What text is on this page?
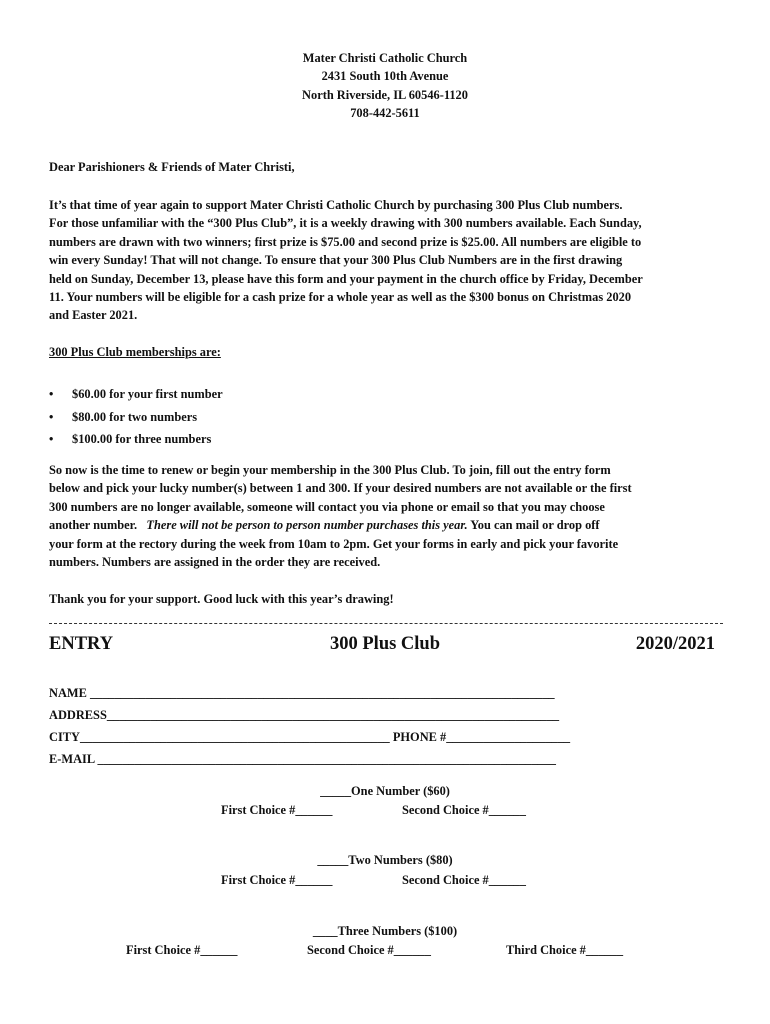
Mater Christi Catholic Church
2431 South 10th Avenue
North Riverside, IL 60546-1120
708-442-5611
Dear Parishioners & Friends of Mater Christi,
It’s that time of year again to support Mater Christi Catholic Church by purchasing 300 Plus Club numbers.
For those unfamiliar with the “300 Plus Club”, it is a weekly drawing with 300 numbers available. Each Sunday,
numbers are drawn with two winners; first prize is $75.00 and second prize is $25.00. All numbers are eligible to
win every Sunday! That will not change. To ensure that your 300 Plus Club Numbers are in the first drawing
held on Sunday, December 13, please have this form and your payment in the church office by Friday, December
11. Your numbers will be eligible for a cash prize for a whole year as well as the $300 bonus on Christmas 2020
and Easter 2021.
300 Plus Club memberships are:
• $60.00 for your first number
• $80.00 for two numbers
• $100.00 for three numbers
So now is the time to renew or begin your membership in the 300 Plus Club. To join, fill out the entry form
below and pick your lucky number(s) between 1 and 300. If your desired numbers are not available or the first
300 numbers are no longer available, someone will contact you via phone or email so that you may choose
another number.   There will not be person to person number purchases this year. You can mail or drop off
your form at the rectory during the week from 10am to 2pm. Get your forms in early and pick your favorite
numbers. Numbers are assigned in the order they are received.
Thank you for your support. Good luck with this year’s drawing!
ENTRY	300 Plus Club	2020/2021
NAME ___________________________________________________________________________
ADDRESS_________________________________________________________________________
CITY__________________________________________________ PHONE #____________________
E-MAIL __________________________________________________________________________
_____One Number ($60)
First Choice #______	Second Choice #______
_____Two Numbers ($80)
First Choice #______	Second Choice #______
____Three Numbers ($100)
First Choice #______	Second Choice #______	Third Choice #______
